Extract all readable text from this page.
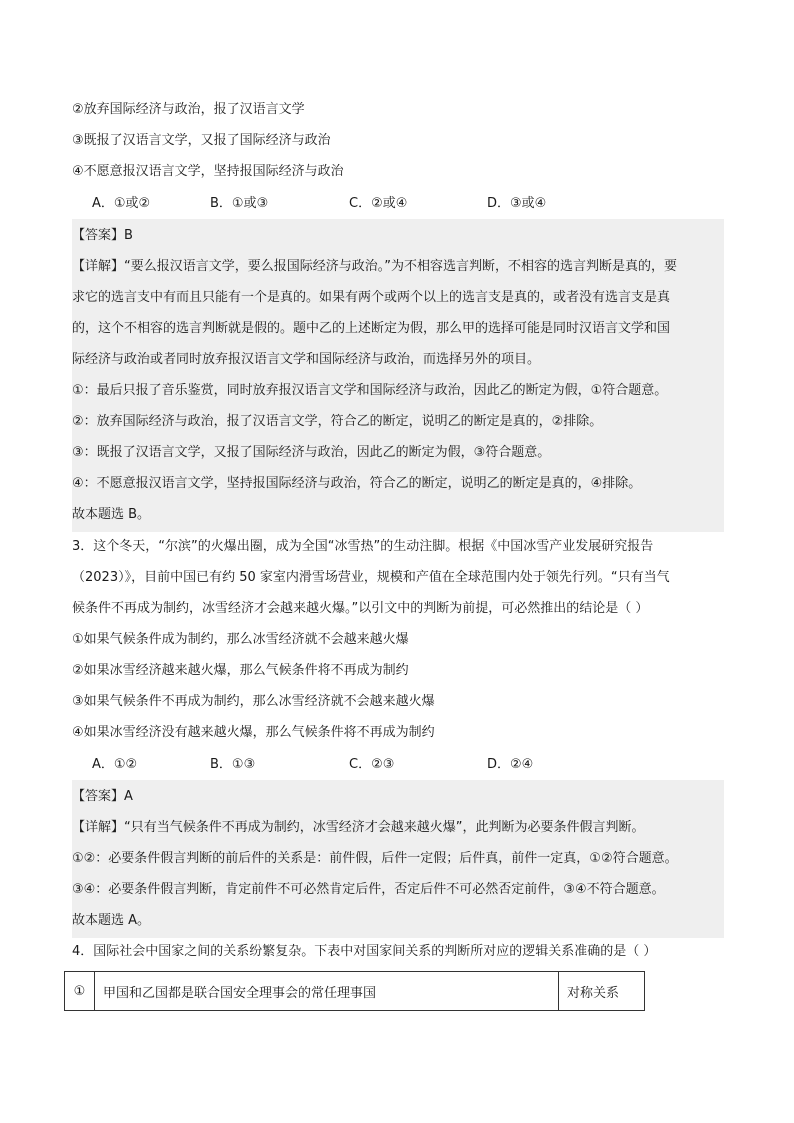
②放弃国际经济与政治，报了汉语言文学
③既报了汉语言文学，又报了国际经济与政治
④不愿意报汉语言文学，坚持报国际经济与政治
A．①或②	B．①或③	C．②或④	D．③或④
【答案】B
【详解】“要么报汉语言文学，要么报国际经济与政治。”为不相容选言判断，不相容的选言判断是真的，要
求它的选言支中有而且只能有一个是真的。如果有两个或两个以上的选言支是真的，或者没有选言支是真
的，这个不相容的选言判断就是假的。题中乙的上述断定为假，那么甲的选择可能是同时汉语言文学和国
际经济与政治或者同时放弃报汉语言文学和国际经济与政治，而选择另外的项目。
①：最后只报了音乐鉴赏，同时放弃报汉语言文学和国际经济与政治，因此乙的断定为假，①符合题意。
②：放弃国际经济与政治，报了汉语言文学，符合乙的断定，说明乙的断定是真的，②排除。
③：既报了汉语言文学，又报了国际经济与政治，因此乙的断定为假，③符合题意。
④：不愿意报汉语言文学，坚持报国际经济与政治，符合乙的断定，说明乙的断定是真的，④排除。
故本题选 B。
3．这个冬天，“尔滨”的火爆出圈，成为全国“冰雪热”的生动注脚。根据《中国冰雪产业发展研究报告
（2023）》，目前中国已有约 50 家室内滑雪场营业，规模和产值在全球范围内处于领先行列。“只有当气
候条件不再成为制约，冰雪经济才会越来越火爆。”以引文中的判断为前提，可必然推出的结论是（ ）
①如果气候条件成为制约，那么冰雪经济就不会越来越火爆
②如果冰雪经济越来越火爆，那么气候条件将不再成为制约
③如果气候条件不再成为制约，那么冰雪经济就不会越来越火爆
④如果冰雪经济没有越来越火爆，那么气候条件将不再成为制约
A．①②	B．①③	C．②③	D．②④
【答案】A
【详解】“只有当气候条件不再成为制约，冰雪经济才会越来越火爆”，此判断为必要条件假言判断。
①②：必要条件假言判断的前后件的关系是：前件假，后件一定假；后件真，前件一定真，①②符合题意。
③④：必要条件假言判断，肯定前件不可必然肯定后件，否定后件不可必然否定前件，③④不符合题意。
故本题选 A。
4．国际社会中国家之间的关系纷繁复杂。下表中对国家间关系的判断所对应的逻辑关系准确的是（ ）
①	甲国和乙国都是联合国安全理事会的常任理事国	对称关系
